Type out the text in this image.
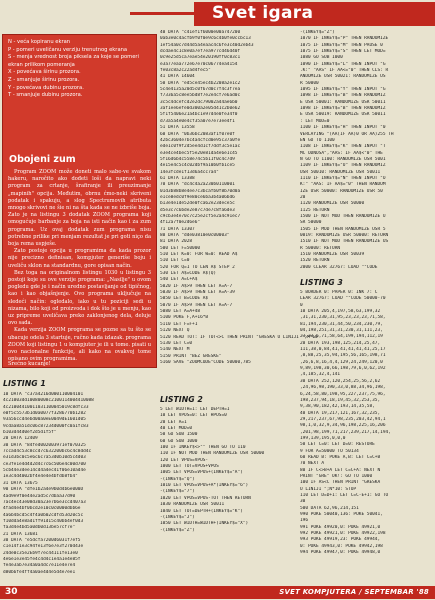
Svet igara
N - veća kopiranu ekran
P - pomeri uveličanu verziju trenutnog ekrana
S - menja vrednost broja piksela za koje se pomeri ekran prilikom pomeranja
X - povećava širinu prozora.
Z - smanjuje širinu prozora.
Y - povećava dubinu prozora.
T - smanjuje dubinu prozora.
Obojeni zum

Program ZOOM može doneti malo sabe-ve svakom hakeru, naročito ako dođeti loši da napravi neki program za crtanje, šrafiranje ili preuzimanje „mapinih" opcija. Međutim, obrnu ćmo-neki skriveni podatak i spakuju, a slog Spectrumovih atributa mnogo skrivovi ne šie ni na šta kada se ne izbriše boja. Zato je na listingu 3 dodatak ZOOM programa koji omogućuje barbanje za boja na isti način kao i za zum programa. Uz ovaj dodatak zum programa nisu potrebne prilike pri menjam rezultat je pri goti niço da boja rema uspješe.

Zato postoje opcija u programima da kada prozor nije precizno definisan, kompjuter generiše boju i uveliču sklon na standardnu, gore opisan način.

Bez toga na originalnom listingu 1030 u listingu 3 postoji koje su ove verzije programa: „Nasilje" u ovom pogledu gde je i način uredno postavljanje od tipičnog, kao i kao objašnjenje. Ovo programa uključuje na sledeći način: ogledalo, iako u tu poziciji sedi u nizama, bilo koji od proizvoda i dok što je u menju, kao uz pripreme uveličava preko zaklonjenog dela, deluje ovo sada.

Kada verzija ZOOM programa se pozne sa tu što se ubacuje odela 3 startuje, ručno kada izlazak. programa ZOOM koji listingu 1 u kompjuter je ili u tome. pisati u ovo nacionalne funkcije, ali kako na ovakvoj tome opisano ovim programima.

Srećno kucanje!
LISTING 1
10 DATA "c37a4216d000110004101
4c21003dd10080008c2100114004410088
4c21004410011031100045019c8dfc33
e0f5c5573b1d0a0077f3286770b1282
93a56ccd4ebd00a0eE0049dE1601d05
9cdaa8a51dc06c87234d000fc0a1fc83
b103d44d0ef2d5d1f5f"
20 DATA 12409
30 DATA "84fed002003971ef070325
7ccad4c53c8ccd7c632200bc6c4c8dd4c
e31d3bc0c5e6c6c7a53d0b10d5c4d03
ce3fe1e4d4d2d4c7c6c506e4c00d700
5cb44e3dee14cd4a4ec41f06e10ad4e
1e3c4d4002bf4e4e4e4bfdb8fb4"
31 DATA 13675
90 DATA "dfe1b2a4e9b0d4b6e000D
4ad9e9f0e44e2ad5c7dbaa37d90
7ac4ec43e08d30a23e7b6e3ccd407a3
4fad4e4bf0bcd2e10c0c0000dbb6e
4a6b4bcd5c4f4a0b02cdfd53d20c5c
f10dda4e8ad1ff91d15c40bb4ef0d3
fa3d4e4bd5a0db0d13be57cf7e"
21 DATA 13681
30 DATA "e5dcfa7200d6031f7ef5
c1e14f1e3c94fe13f6e7e3f270d43e
24de0c35e2Eb9f7ec44111fe13e0
4e6e1e3e45fe4c4d4c1e4a1e4e85f
fe4e3ab7e34a0a4dc7e11e4e7e4
d80b6fe4ff4a0ae4d4e5d4e7ee1
40 DATA "c41ef1f6000e00a747200
0ab3e0c4acfb9f0f0e9c6c4b0fe0ccbc13
1ef54a0c7d44d5a4eaac4c6fe3c40d2eb43
dcdae4c1c8e0a7ef7ea977cd46d40f
0c9e25d5ca7eae54e20190ff0c83c1
e3a77eaa772e67e70c06774ea4154
fe03c8a2c22ad4fec5"
41 DATA 14604
50 DATA "ed5ce45ec4b2208a2e1c2
5c4e4135a20d5c0f67d0c7f4c3f7ea
f7336a5c8ee5bd8f7e2e4cf7e6ad0c
3c5c4dcefcd2e2dc79002a44ae6b0
3af1ee6efe0d300a2e05d41c2b0e62
5f1f5406e21a4bc1e97d4e0fe34f0
d73a5a4e0e4cf35a07e7e73ee4f1
51 DATA 13558
60 DATA "0b36bc2083af1f07e0f
42bc3604e7bc4a4cfcd0e95c37a0fe
ede1c0f9f2d5ee4d1cf7ddf3c5e1ac
e3e4ce4bec5f5e20e81da4e6e1c45
5f16d6b4c558e74c5b11f0c4c7d9
4e15e4c5c4c02dbf9a10b0fb1ce5
14e3fcde1f13d6a4cc7a4"
61 DATA 13388
70 DATA "dc4c4a2a230b0110001
01d3b88b8e4ee7c3bcafb0f8b70d0a
e1ce8edc0f9e80ce6ba3b4a06bd6
b13e4e1de52de0fca62e23dece5c
d5e3c7c6bde2e87c7de7c8fa6de3
c9cb3e4e70c7c25e2cf5e2a4c91ec7
4f12a7f0e2d6e6"
71 DATA 13307
80 DATA "dde03810e0c00003"
81 DATA 2028
500 LET F=50000
510 LET K=0: FOR W=0: READ A$
510 LET C=0
520 FOR Q=1 TO LEN A$ STEP 2
530 LET A$=CODE A$(Q)
540 LET A=C+A$
5020 IF A$>9 THEN LET A=A-7
5030 IF A$>9 THEN LET A=A-39
5050 LET B=CODE A$
5070 IF A$>9 THEN LET A=A-7
5080 LET A=A+48
5100 POKE F,A+16*B
5110 LET F=F+1
5120 NEXT Q
5120 READ TOT: IF TOT<>C THEN PRINT "GRESKA U LINIJI ";M*10
5130 LET C=0
5140 NEXT M
5150 PRINT "BEZ GRESKE"
5160 SAVE "ZOOMCODE"CODE 50000,785
LISTING 2
5 LET WIDTH=1: LET DEPTH=1
10 LET VPOS=0: LET HPOS=0
20 LET A=1
40 LET MOD=0
50 GO SUB 1500
60 GO SUB 1000
100 IF INKEY$<>"" THEN GO TO 110
110 IF NOT MOD THEN RANDOMIZE USR 50000
120 LET VPOS=VPOS-
1000 LET TOT=VPOS+VPOS
1005 LET VPOS=VPOS+(INKEY$="A")
-(INKEY$="Q")
1010 LET VPOS=VPOS+A*(INKEY$="6")
-(INKEY$="7")
1020 LET VPOS=VPOS-TOT THEN RETURN
1030 RANDOMIZE USR 50011
1040 LET TOT=DEPTH+(INKEY$="K")
-(INKEY$="J")
1050 LET WIDTH=WIDTH+(INKEY$="X")
-(INKEY$="Z")
-(INKEY$="Z")
1070 IF INKEY$="P" THEN RANDOMIZE
1075 IF INKEY$="M" THEN PAUSE 0
1075 IF INKEY$="S" THEN LET MOD=
1080 GO SUB 1000
1090 IF INKEY$="L" THEN INPUT "G
.K:" "AAS" IF AA<="0" THEN CLS: R
ANDOMIZE USR 50021: RANDOMIZE US
R 50000
1095 IF INKEY$="Y" THEN INPUT "G
1098 IF INKEY$="B" THEN RANDOMIZ
E USR 50001: RANDOMIZE USR 50011
1098 IF INKEY$="B" THEN RANDOMIZ
E USR 50019: RANDOMIZE USR 50011
: LET MOD=0
1100 IF INKEY$="H" THEN INPUT "0
VERLAYING "(AA(IF AA)0 OR AA)255 TH
EN GO TO 1100
1108 IF INKEY$="K" THEN INPUT "T
MC ODNOSA","AAS: IF AA$<"0" THE
N GO TO 1100: RANDOMIZE USR 5001
1109 IF INKEY$="U" THEN RANDOMIZ
USR 50010: RANDOMIZE USR 50011
1110 IF INKEY$="N" THEN INPUT "O
K:" "AAS: IF AA$="0" THEN RANDOM
IZE USR 50000: RANDOMIZE USR 50
20
1120 RANDOMIZE USR 50000
1125 RETURN
1500 IF NOT MOD THEN RANDOMIZE U
SR 50000
1505 IF MOD THEN RANDOMIZE USR 5
0019: RANDOMIZE USR 50000: RETURN
1510 IF NOT MOD THEN RANDOMIZE US
R 50000: RETURN
1510 RANDOMIZE USR 50039
1520 RETURN
2000 CLEAR 32767: LOAD ""CODE
LISTING 3
5 BORDER 0: PAPER 0: INK 7: C
LEAR 32767: LOAD ""CODE 50000-70
0
10 DATA 205,4,197,58,63,199,32
,31,31,230,31,95,23,23,23,71,58,
81,194,230,31,44,50,234,230,79,
04,198,251,31,31,230,31,111,23,
23,23,6,71,58,64,199,194,112,19
20 DATA 193,198,125,214,25,47,
111,38,0,84,41,41,41,41,41,25,17
,0,88,25,35,94,195,56,165,198,71
,26,6,8,16,4,4,129,24,249,120,0
9,89,198,30,66,198,79,6,0,62,192
,4,185,32,4,141
30 DATA 252,120,254,25,56,2,62
,24,96,98,190,33,0,88,34,96,198,
6,24,58,80,198,95,227,237,75,96,
198,237,94,18,19,45,32,253,35,
9,38,90,182,42,193,14,35,58,
40 DATA 19,217,121,167,32,235,
29,217,237,67,98,235,203,42,94,1
98,1,0,32,9,34,96,198,225,16,206
,201,98,199,71,217,239,217,14,194,
199,139,195,0,0,0
50 LET C=0: LET D=0: RESTORE
9 FOR A=50000 TO 50134
60 READ B: POKE A,B: LET C=C+B
70 NEXT A
80 IF C<>B+A LET C=C+A: NEXT N
PRINT "GRE" OK!: GO TO 1000
100 IF AS<C THEN PRINT "GRESKA
U LINIJI ";N*10: STOP
110 LET D=D+1: LET C=C-E+1: GO TO
30
500 DATA 62,96,214,151
990 POKE 50040,136: POKE 50041,
196
991 POKE 49920,0: POKE 49921,0
992 POKE 49921,0: POKE 49922,198
993 POKE 49919,23: POKE 49944,
0: POKE 49943,0: POKE 49942,198
994 POKE 49947,0: POKE 49948,0
30	SVET KOMPJUTERA / SEPTEMBAR '88
